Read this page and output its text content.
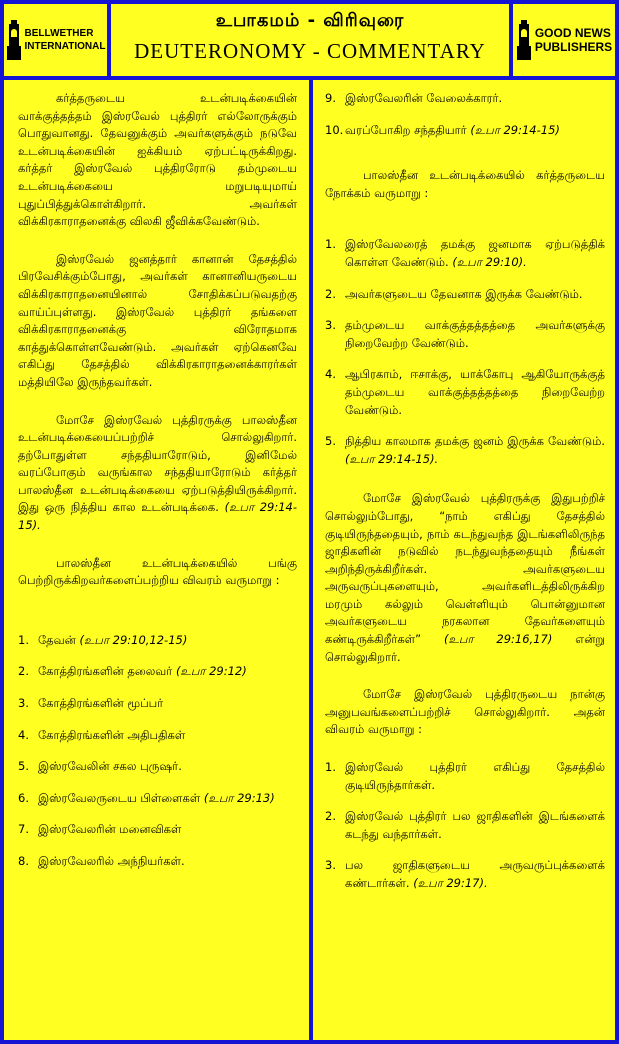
BELLWETHER
INTERNATIONAL
உபாகமம் - விரிவுரை
DEUTERONOMY - COMMENTARY
GOOD NEWS
PUBLISHERS

கர்த்தருடைய உடன்படிக்கையின் வாக்குத்தத்தம் இஸ்ரவேல் புத்திரர் எல்லோருக்கும் பொதுவானது. தேவனுக்கும் அவர்களுக்கும் நடுவே உடன்படிக்கையின் ஐக்கியம் ஏற்பட்டிருக்கிறது. கர்த்தர் இஸ்ரவேல் புத்திரரோடு தம்முடைய உடன்படிக்கையை மறுபடியுமாய் புதுப்பித்துக்கொள்கிறார். அவர்கள் விக்கிரகாராதனைக்கு விலகி ஜீவிக்கவேண்டும்.

இஸ்ரவேல் ஜனத்தார் கானான் தேசத்தில் பிரவேசிக்கும்போது, அவர்கள் கானானியருடைய விக்கிரகாராதனையினால் சோதிக்கப்படுவதற்கு வாய்ப்புள்ளது. இஸ்ரவேல் புத்திரர் தங்களை விக்கிரகாராதனைக்கு விரோதமாக காத்துக்கொள்ளவேண்டும். அவர்கள் ஏற்கெனவே எகிப்து தேசத்தில் விக்கிரகாராதனைக்காரர்கள் மத்தியிலே இருந்தவர்கள்.

மோசே இஸ்ரவேல் புத்திரருக்கு பாலஸ்தீன உடன்படிக்கையைப்பற்றிச் சொல்லுகிறார். தற்போதுள்ள சந்ததியாரோடும், இனிமேல் வரப்போகும் வருங்கால சந்ததியாரோடும் கர்த்தர் பாலஸ்தீன உடன்படிக்கையை ஏற்படுத்தியிருக்கிறார். இது ஒரு நித்திய கால உடன்படிக்கை. (உபா 29:14-15).

பாலஸ்தீன உடன்படிக்கையில் பங்கு பெற்றிருக்கிறவர்களைப்பற்றிய விவரம் வருமாறு :

1. தேவன் (உபா 29:10,12-15)
2. கோத்திரங்களின் தலைவர் (உபா 29:12)
3. கோத்திரங்களின் மூப்பர்
4. கோத்திரங்களின் அதிபதிகள்
5. இஸ்ரவேலின் சகல புருஷர்.
6. இஸ்ரவேலருடைய பிள்ளைகள் (உபா 29:13)
7. இஸ்ரவேலரின் மனைவிகள்
8. இஸ்ரவேலரில் அந்நியர்கள்.
9. இஸ்ரவேலரின் வேலைக்காரர்.
10. வரப்போகிற சந்ததியார் (உபா 29:14-15)

பாலஸ்தீன உடன்படிக்கையில் கர்த்தருடைய நோக்கம் வருமாறு :

1. இஸ்ரவேலரைத் தமக்கு ஜனமாக ஏற்படுத்திக் கொள்ள வேண்டும். (உபா 29:10).
2. அவர்களுடைய தேவனாக இருக்க வேண்டும்.
3. தம்முடைய வாக்குத்தத்தத்தை அவர்களுக்கு நிறைவேற்ற வேண்டும்.
4. ஆபிரகாம், ஈசாக்கு, யாக்கோபு ஆகியோருக்குத் தம்முடைய வாக்குத்தத்தத்தை நிறைவேற்ற வேண்டும்.
5. நித்திய காலமாக தமக்கு ஜனம் இருக்க வேண்டும். (உபா 29:14-15).

மோசே இஸ்ரவேல் புத்திரருக்கு இதுபற்றிச் சொல்லும்போது, “நாம் எகிப்து தேசத்தில் குடியிருந்ததையும், நாம் கடந்துவந்த இடங்களிலிருந்த ஜாதிகளின் நடுவில் நடந்துவந்ததையும் நீங்கள் அறிந்திருக்கிறீர்கள். அவர்களுடைய அருவருப்புகளையும், அவர்களிடத்திலிருக்கிற மரமும் கல்லும் வெள்ளியும் பொன்னுமான அவர்களுடைய நரகலான தேவர்களையும் கண்டிருக்கிறீர்கள்” (உபா 29:16,17) என்று சொல்லுகிறார்.

மோசே இஸ்ரவேல் புத்திரருடைய நான்கு அனுபவங்களைப்பற்றிச் சொல்லுகிறார். அதன் விவரம் வருமாறு :

1. இஸ்ரவேல் புத்திரர் எகிப்து தேசத்தில் குடியிருந்தார்கள்.
2. இஸ்ரவேல் புத்திரர் பல ஜாதிகளின் இடங்களைக் கடந்து வந்தார்கள்.
3. பல ஜாதிகளுடைய அருவருப்புக்களைக் கண்டார்கள். (உபா 29:17).
